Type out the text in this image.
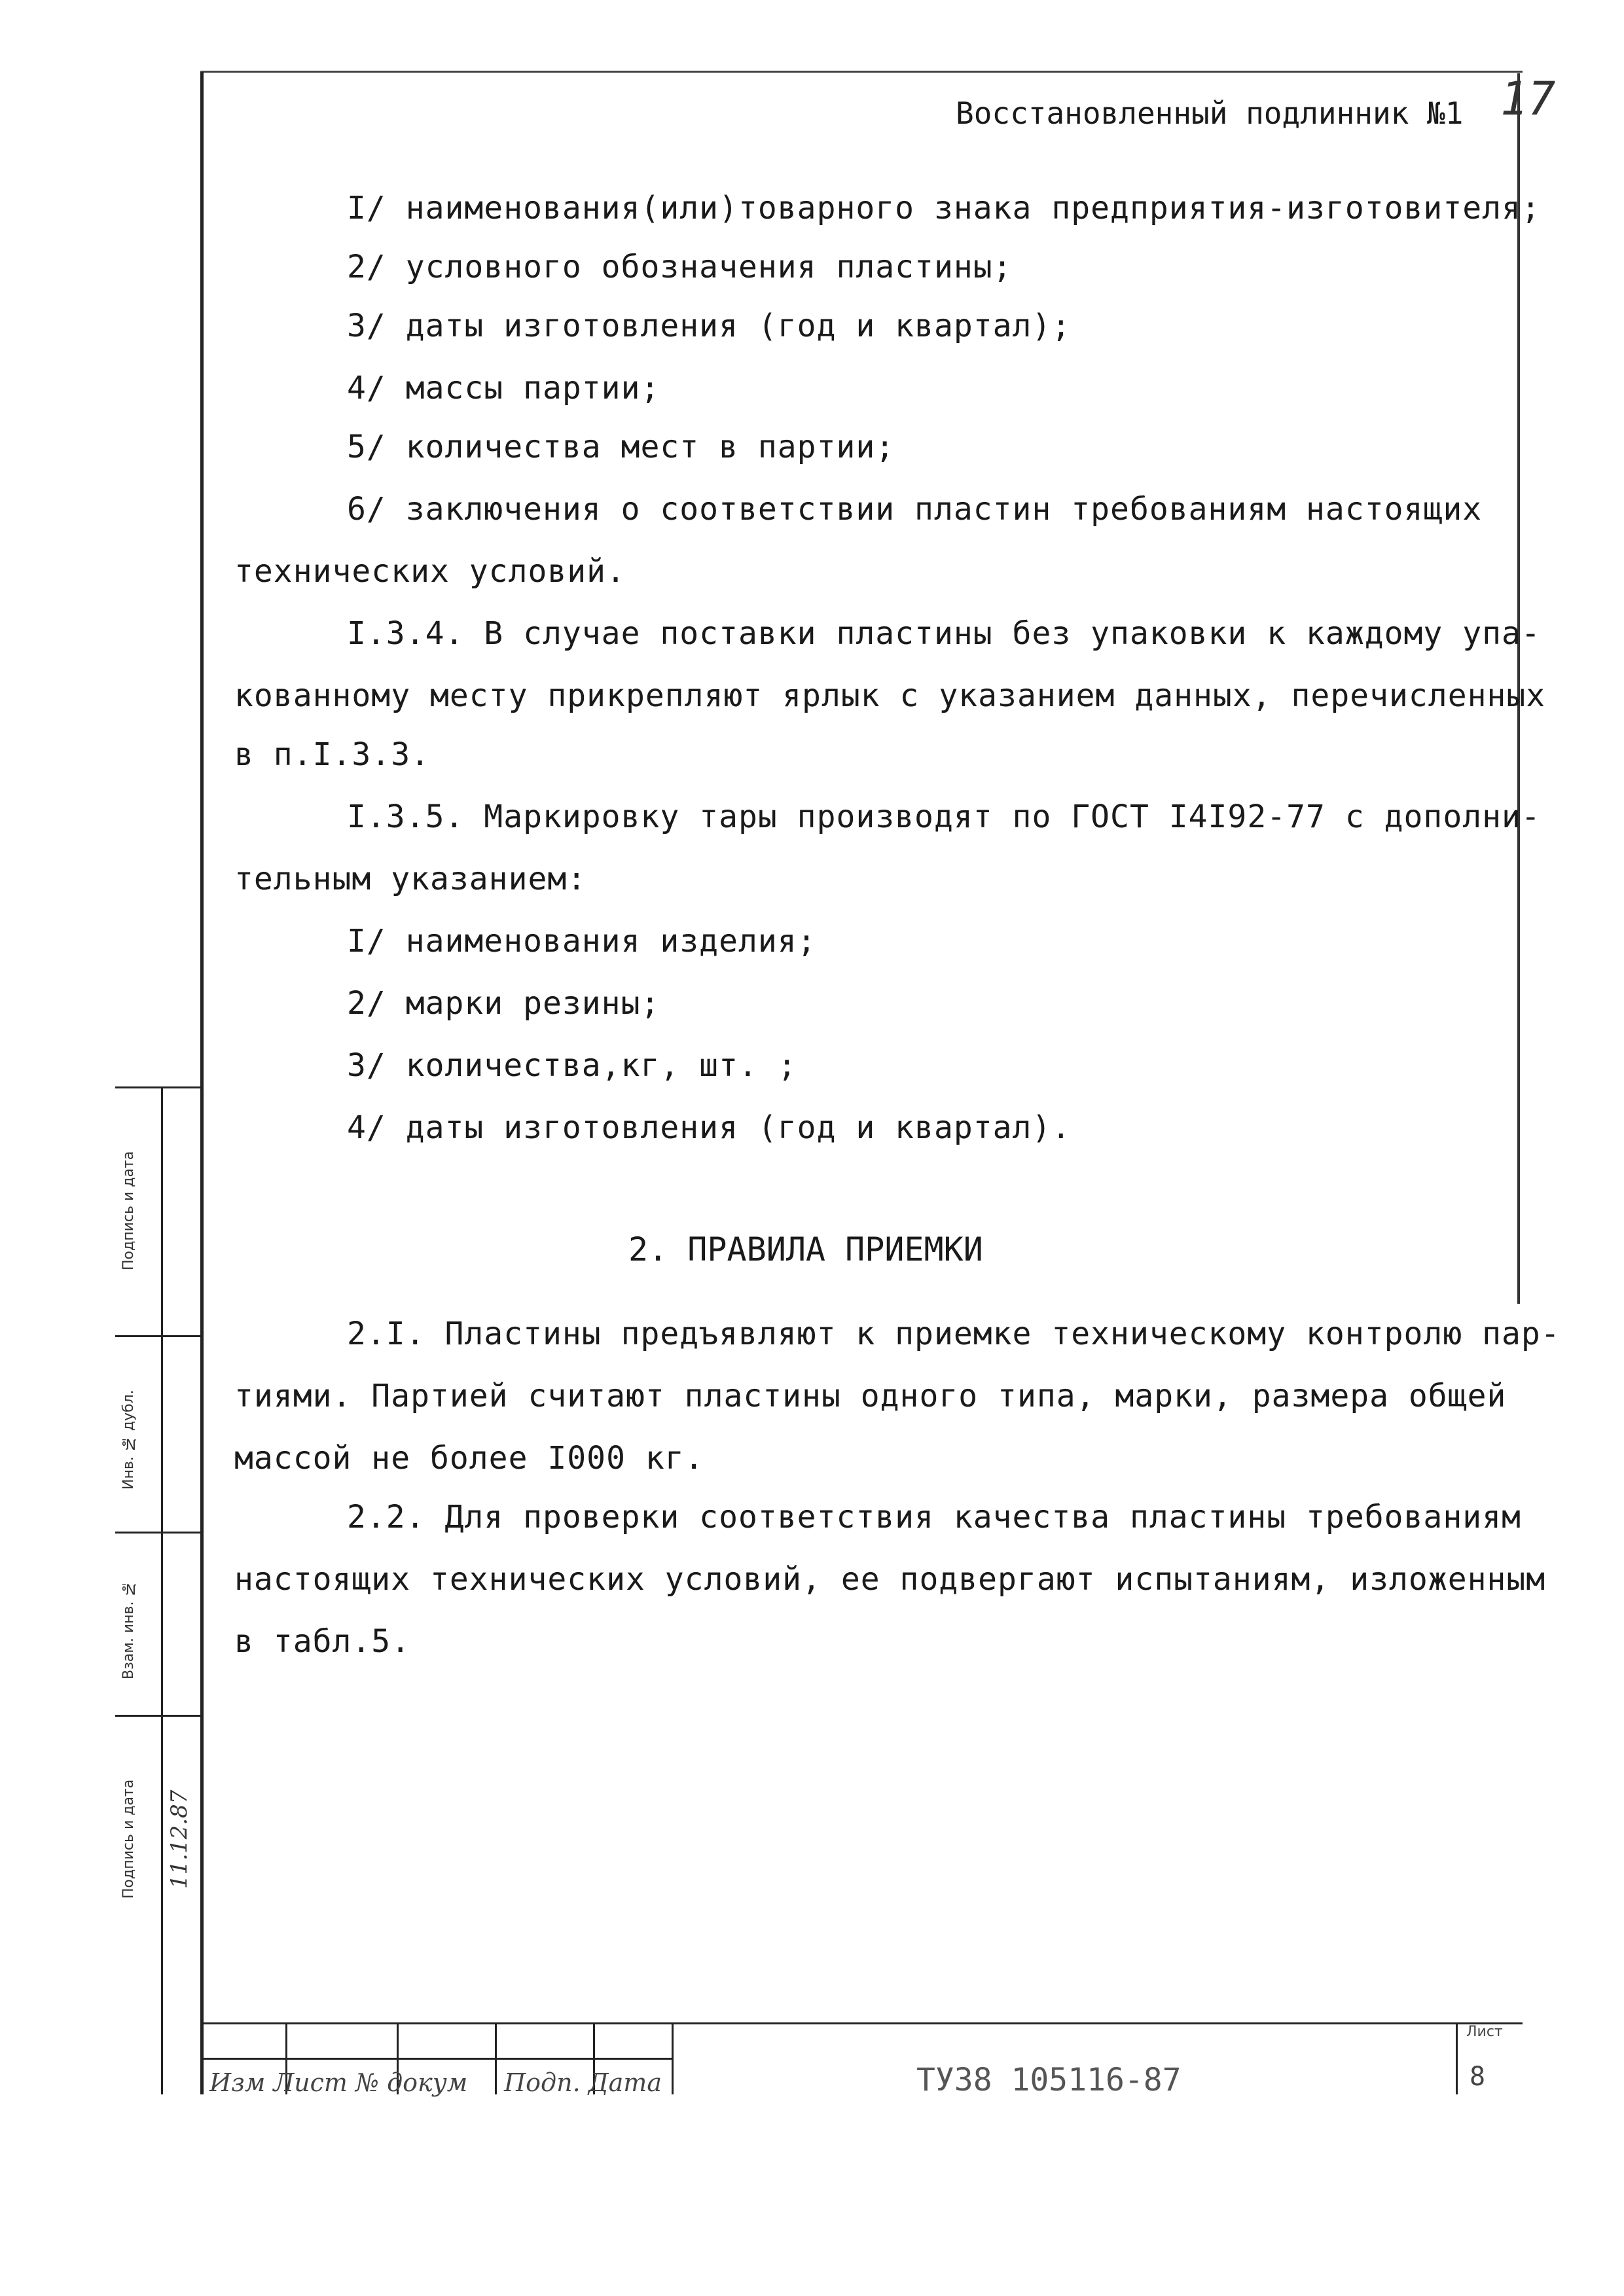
17
Восстановленный подлинник №1
I/ наименования(или)товарного знака предприятия-изготовителя;
2/ условного обозначения пластины;
3/ даты изготовления (год и квартал);
4/ массы партии;
5/ количества мест в партии;
6/ заключения о соответствии пластин требованиям настоящих
технических условий.
I.3.4. В случае поставки пластины без упаковки к каждому упа-
кованному месту прикрепляют ярлык с указанием данных, перечисленных
в п.I.3.3.
I.3.5. Маркировку тары производят по ГОСТ I4I92-77 с дополни-
тельным указанием:
I/ наименования изделия;
2/ марки резины;
3/ количества,кг, шт. ;
4/ даты изготовления (год и квартал).
2. ПРАВИЛА ПРИЕМКИ
2.I. Пластины предъявляют к приемке техническому контролю пар-
тиями. Партией считают пластины одного типа, марки, размера общей
массой не более I000 кг.
2.2. Для проверки соответствия качества пластины требованиям
настоящих технических условий, ее подвергают испытаниям, изложенным
в табл.5.
Подпись и дата
Инв. № дубл.
Взам. инв. №
Подпись и дата	11.12.87
Изм Лист № докум Подп. Дата	ТУ38 105116-87
Лист
8
